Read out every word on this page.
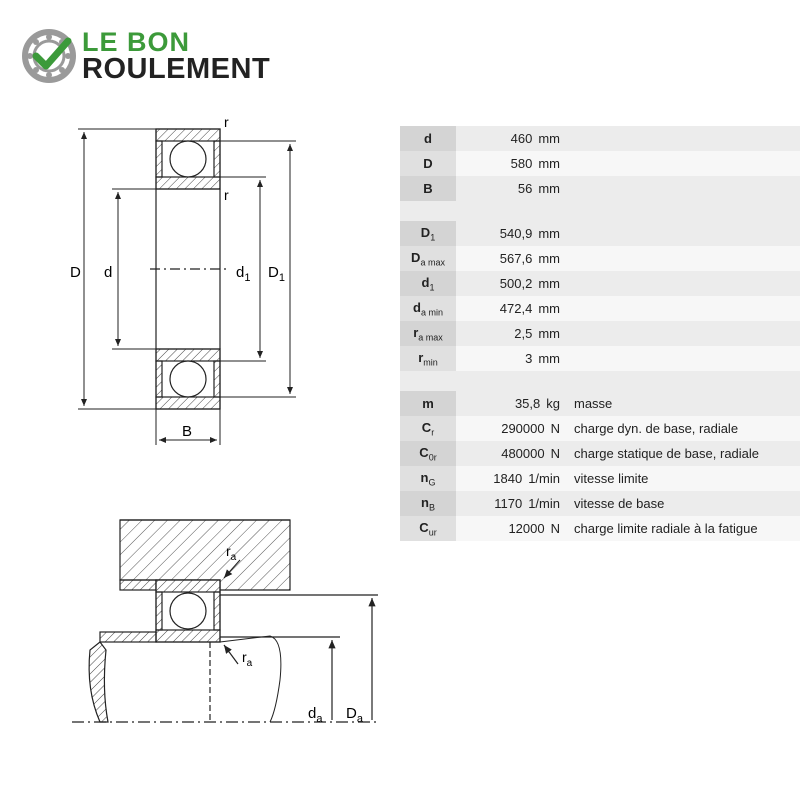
LE BON
ROULEMENT
D d	$d_1$ $D_1$
B
r
r
$r_a$
$r_a$
$d_a$ $D_a$
d	460 mm	
D	580 mm	
B	56 mm	

$D_1$	540,9 mm	
$D_{a max}$	567,6 mm	
$d_1$	500,2 mm	
$d_{a min}$	472,4 mm	
$r_{a max}$	2,5 mm	
$r_{min}$	3 mm	

m	35,8 kg	masse
$C_r$	290000 N	charge dyn. de base, radiale
$C_{0r}$	480000 N	charge statique de base, radiale
$n_G$	1840 1/min	vitesse limite
$n_B$	1170 1/min	vitesse de base
$C_{ur}$	12000 N	charge limite radiale à la fatigue
